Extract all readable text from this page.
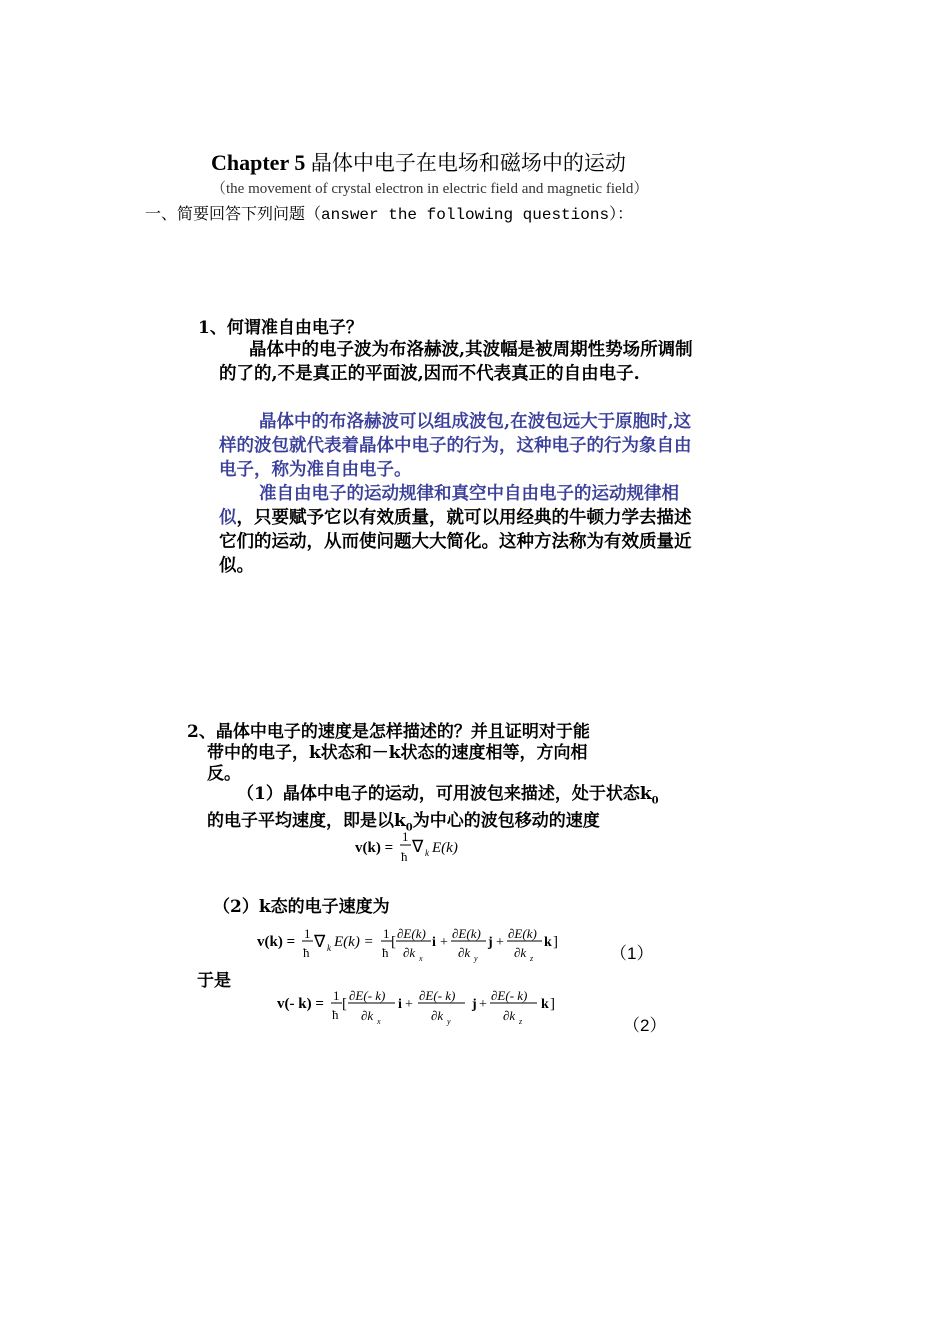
Chapter 5 晶体中电子在电场和磁场中的运动
（the movement of crystal electron in electric field and magnetic field）
一、简要回答下列问题（answer the following questions）：
1、何谓准自由电子？
晶体中的电子波为布洛赫波,其波幅是被周期性势场所调制的了的,不是真正的平面波,因而不代表真正的自由电子.
晶体中的布洛赫波可以组成波包,在波包远大于原胞时,这样的波包就代表着晶体中电子的行为，这种电子的行为象自由电子，称为准自由电子。
准自由电子的运动规律和真空中自由电子的运动规律相似，只要赋予它以有效质量，就可以用经典的牛顿力学去描述它们的运动，从而使问题大大简化。这种方法称为有效质量近似。
2、晶体中电子的速度是怎样描述的？并且证明对于能
带中的电子，k状态和－k状态的速度相等，方向相
反。
（1）晶体中电子的运动，可用波包来描述，处于状态$k_0$的电子平均速度，即是以$k_0$为中心的波包移动的速度
v(k) =
1
ħ
∇ k E(k)
（2）k态的电子速度为
v(k) =
1
ħ
∇ k E(k) =
1
ħ
[
∂E(k)
∂k x
i +
∂E(k)
∂k y
j +
∂E(k)
∂k z
k ]
（1）
于是
v(- k) =
1
ħ
[
∂E(- k)
∂k x
i +
∂E(- k)
∂k y
j +
∂E(- k)
∂k z
k ]
（2）
